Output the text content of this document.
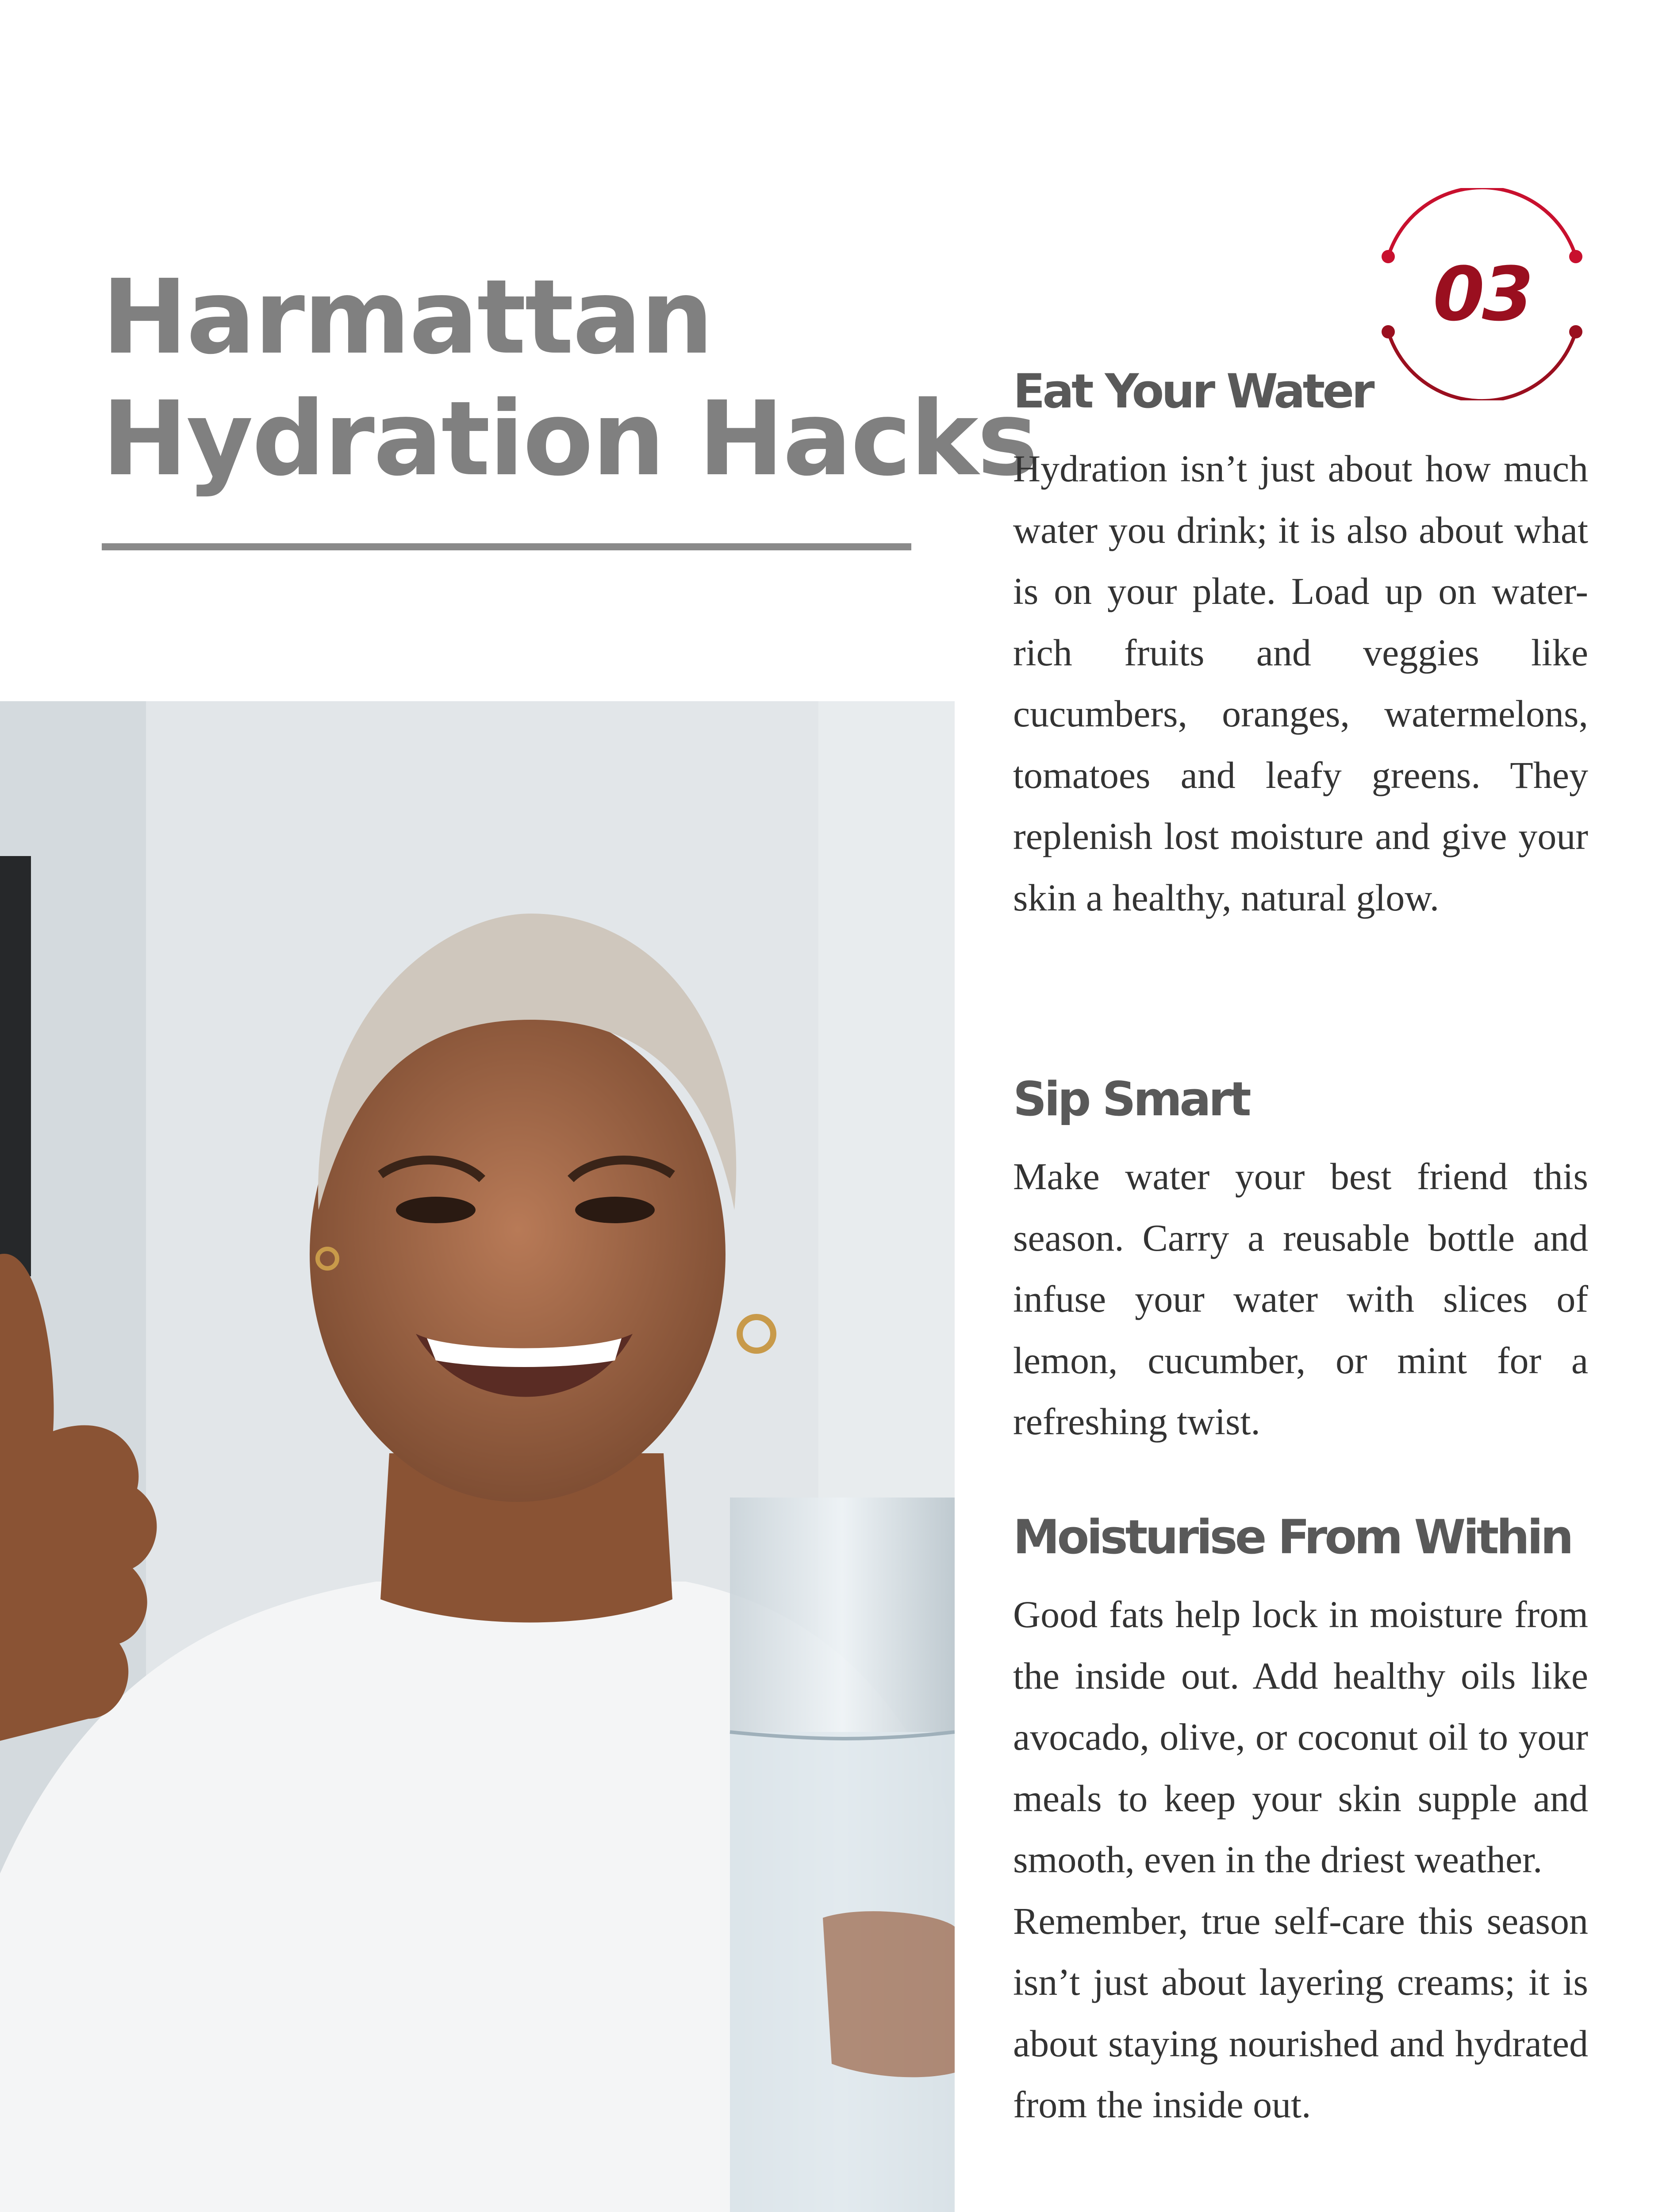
Harmattan
Hydration Hacks
03
Eat Your Water

Hydration isn’t just about how much water you drink; it is also about what is on your plate. Load up on water-rich fruits and veggies like cucumbers, oranges, watermelons, tomatoes and leafy greens. They replenish lost moisture and give your skin a healthy, natural glow.

Sip Smart

Make water your best friend this season. Carry a reusable bottle and infuse your water with slices of lemon, cucumber, or mint for a refreshing twist.

Moisturise From Within

Good fats help lock in moisture from the inside out. Add healthy oils like avocado, olive, or coconut oil to your meals to keep your skin supple and smooth, even in the driest weather.

Remember, true self-care this season isn’t just about layering creams; it is about staying nourished and hydrated from the inside out.
